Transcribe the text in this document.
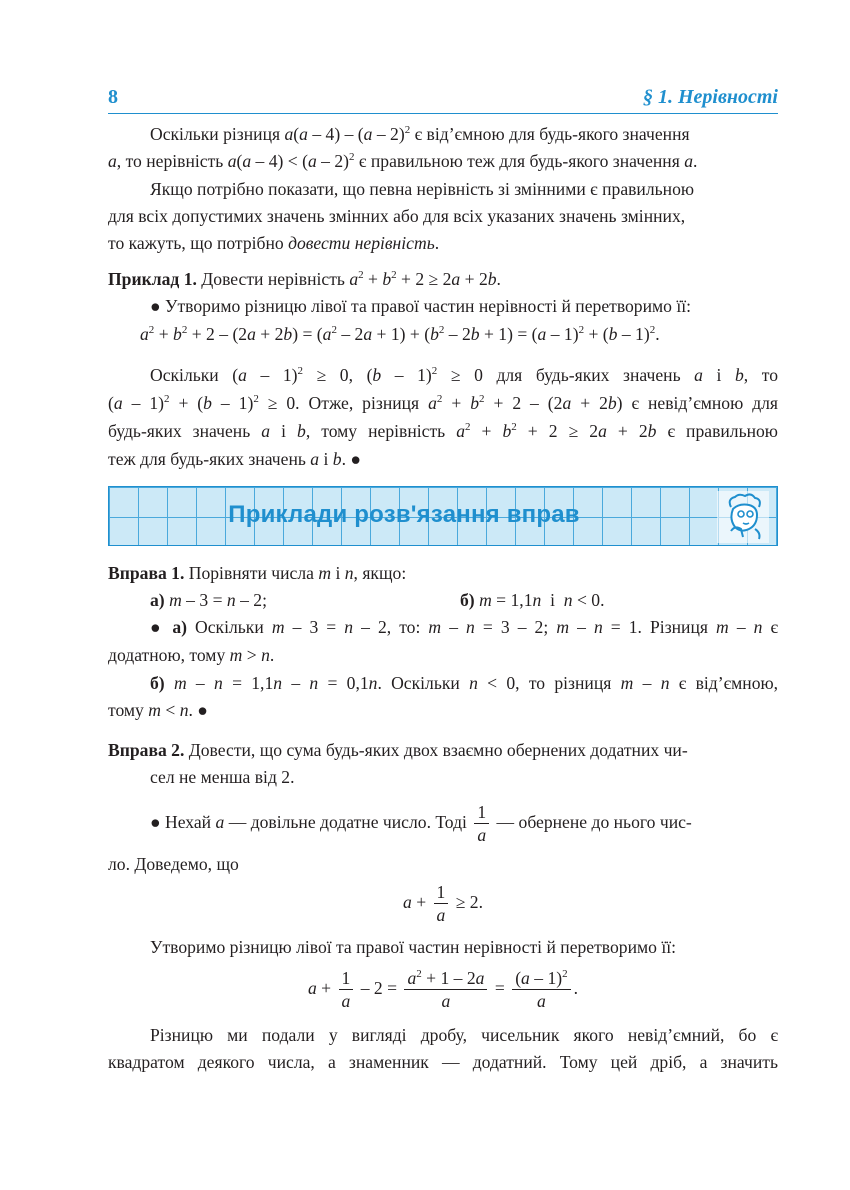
8	§ 1. Нерівності
Оскільки різниця a(a – 4) – (a – 2)$^2$ є від’ємною для будь-якого значення
a, то нерівність a(a – 4) < (a – 2)$^2$ є правильною теж для будь-якого значення a.
Якщо потрібно показати, що певна нерівність зі змінними є правильною
для всіх допустимих значень змінних або для всіх указаних значень змінних,
то кажуть, що потрібно довести нерівність.
Приклад 1. Довести нерівність $a^2 + b^2 + 2 \ge 2a + 2b$.
● Утворимо різницю лівої та правої частин нерівності й перетворимо її:
$a^2 + b^2 + 2 - (2a + 2b) = (a^2 - 2a + 1) + (b^2 - 2b + 1) = (a - 1)^2 + (b - 1)^2$.
Оскільки (a – 1)$^2$ ≥ 0, (b – 1)$^2$ ≥ 0 для будь-яких значень a і b, то
(a – 1)$^2$ + (b – 1)$^2$ ≥ 0. Отже, різниця $a^2 + b^2 + 2 - (2a + 2b)$ є невід’ємною для
будь-яких значень a і b, тому нерівність $a^2 + b^2 + 2 \ge 2a + 2b$ є правильною
теж для будь-яких значень a і b. ●
Приклади розв'язання вправ
Вправа 1. Порівняти числа m і n, якщо:
а) m – 3 = n – 2;	б) m = 1,1n  і  n < 0.
● а) Оскільки m – 3 = n – 2, то: m – n = 3 – 2; m – n = 1. Різниця m – n є
додатною, тому m > n.
б) m – n = 1,1n – n = 0,1n. Оскільки n < 0, то різниця m – n є від’ємною,
тому m < n. ●
Вправа 2. Довести, що сума будь-яких двох взаємно обернених додатних чи-
сел не менша від 2.
● Нехай a — довільне додатне число. Тоді $\frac{1}{a}$ — обернене до нього чис-
ло. Доведемо, що
$a + \frac{1}{a} \ge 2$.
Утворимо різницю лівої та правої частин нерівності й перетворимо її:
$a + \frac{1}{a} - 2 = \frac{a^2 + 1 - 2a}{a} = \frac{(a - 1)^2}{a}$ .
Різницю ми подали у вигляді дробу, чисельник якого невід’ємний, бо є
квадратом деякого числа, а знаменник — додатний. Тому цей дріб, а значить
